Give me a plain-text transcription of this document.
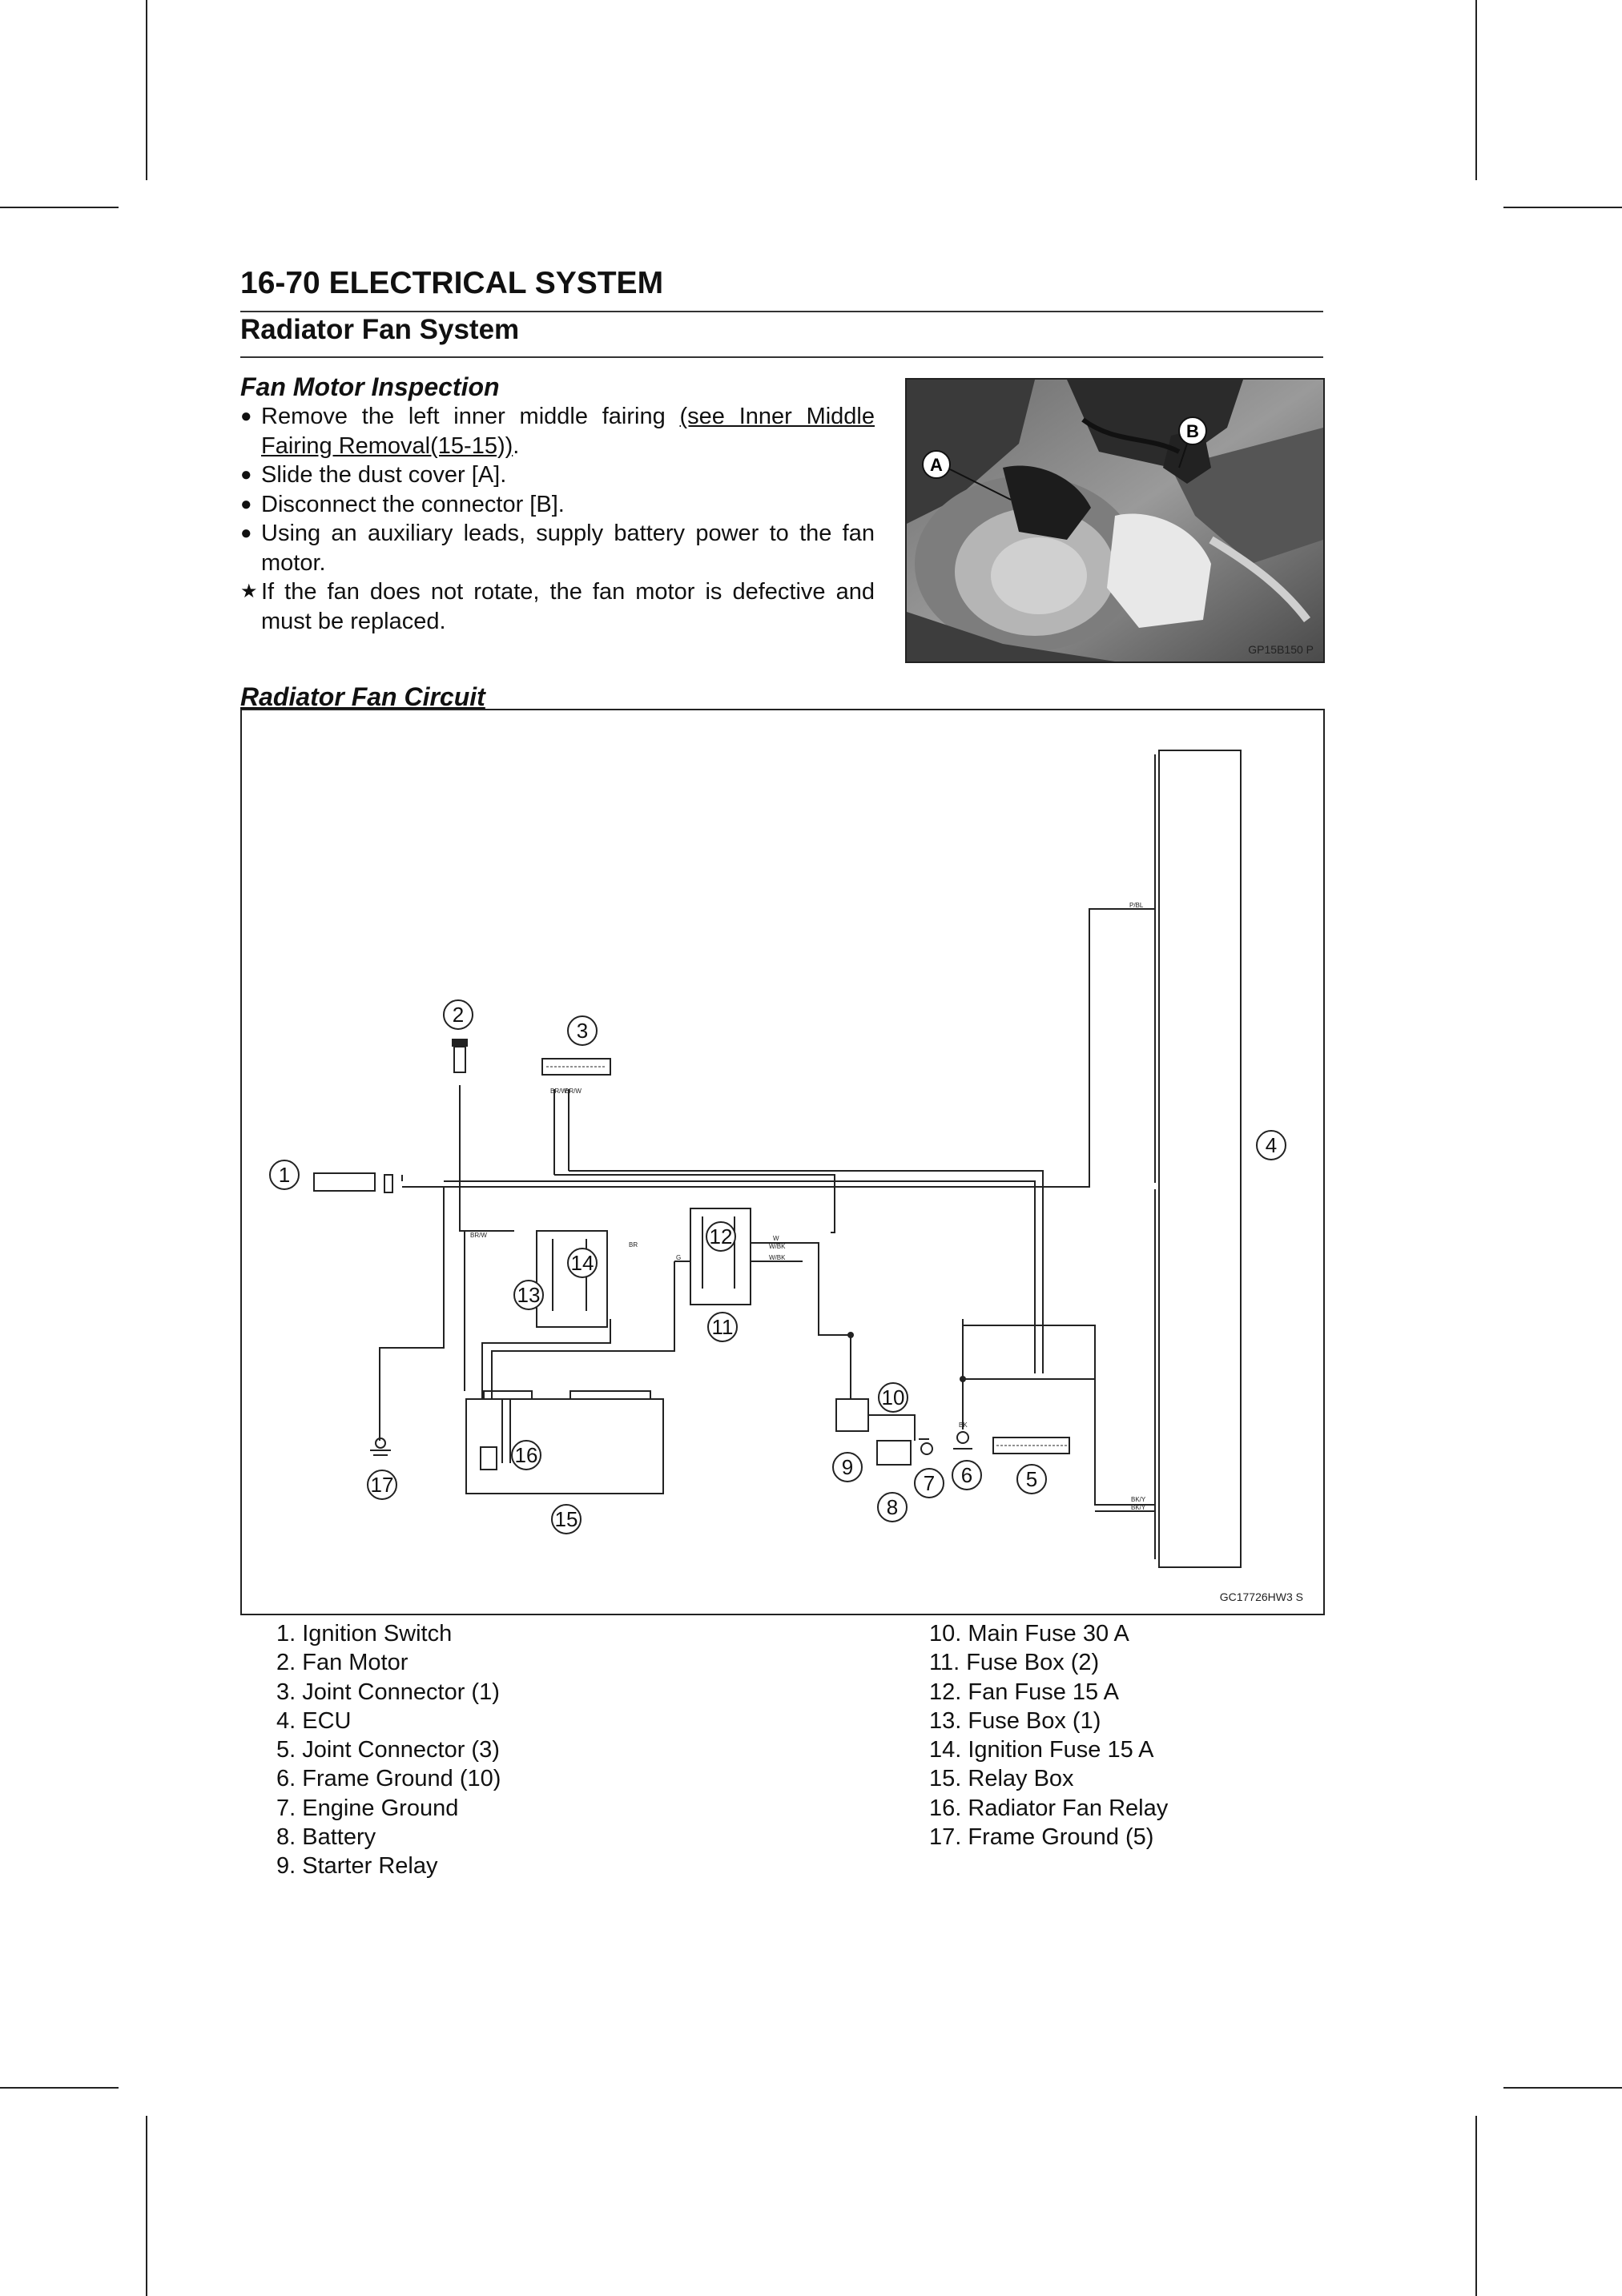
16-70 ELECTRICAL SYSTEM
Radiator Fan System
Fan Motor Inspection
● Remove the left inner middle fairing (see Inner Middle Fairing Removal(15-15)).
● Slide the dust cover [A].
● Disconnect the connector [B].
● Using an auxiliary leads, supply battery power to the fan motor.
★ If the fan does not rotate, the fan motor is defective and must be replaced.
A
B
GP15B150 P
Radiator Fan Circuit
P/BL
BK/Y
BK/Y
W
W/BK
W/BK
BR/W
BR
G
BR/W
BR/W
BK
1
2
3
4
5
6
7
8
9
10
11
12
13
14
15
16
17
GC17726HW3 S
1. Ignition Switch
2. Fan Motor
3. Joint Connector (1)
4. ECU
5. Joint Connector (3)
6. Frame Ground (10)
7. Engine Ground
8. Battery
9. Starter Relay
10. Main Fuse 30 A
11. Fuse Box (2)
12. Fan Fuse 15 A
13. Fuse Box (1)
14. Ignition Fuse 15 A
15. Relay Box
16. Radiator Fan Relay
17. Frame Ground (5)
